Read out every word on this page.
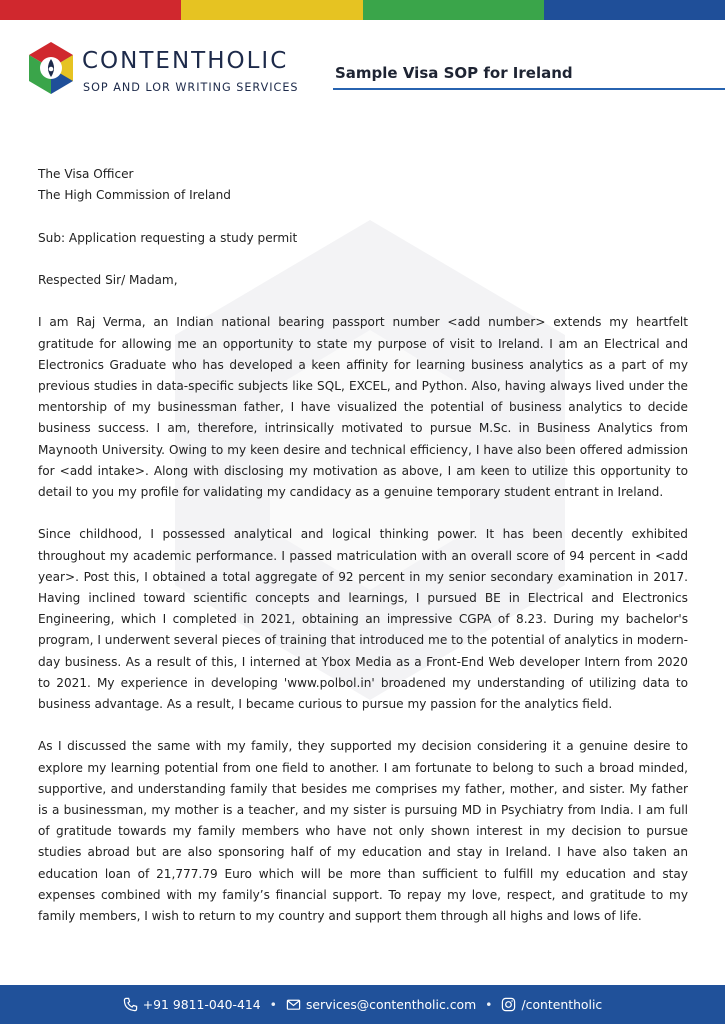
CONTENTHOLIC
SOP AND LOR WRITING SERVICES
Sample Visa SOP for Ireland

The Visa Officer

The High Commission of Ireland

Sub: Application requesting a study permit

Respected Sir/ Madam,

I am Raj Verma, an Indian national bearing passport number <add number> extends my heartfelt gratitude for allowing me an opportunity to state my purpose of visit to Ireland. I am an Electrical and Electronics Graduate who has developed a keen affinity for learning business analytics as a part of my previous studies in data-specific subjects like SQL, EXCEL, and Python. Also, having always lived under the mentorship of my businessman father, I have visualized the potential of business analytics to decide business success. I am, therefore, intrinsically motivated to pursue M.Sc. in Business Analytics from Maynooth University. Owing to my keen desire and technical efficiency, I have also been offered admission for <add intake>. Along with disclosing my motivation as above, I am keen to utilize this opportunity to detail to you my profile for validating my candidacy as a genuine temporary student entrant in Ireland.

Since childhood, I possessed analytical and logical thinking power. It has been decently exhibited throughout my academic performance. I passed matriculation with an overall score of 94 percent in <add year>. Post this, I obtained a total aggregate of 92 percent in my senior secondary examination in 2017. Having inclined toward scientific concepts and learnings, I pursued BE in Electrical and Electronics Engineering, which I completed in 2021, obtaining an impressive CGPA of 8.23. During my bachelor's program, I underwent several pieces of training that introduced me to the potential of analytics in modern-day business. As a result of this, I interned at Ybox Media as a Front-End Web developer Intern from 2020 to 2021. My experience in developing 'www.polbol.in' broadened my understanding of utilizing data to business advantage. As a result, I became curious to pursue my passion for the analytics field.

As I discussed the same with my family, they supported my decision considering it a genuine desire to explore my learning potential from one field to another. I am fortunate to belong to such a broad minded, supportive, and understanding family that besides me comprises my father, mother, and sister. My father is a businessman, my mother is a teacher, and my sister is pursuing MD in Psychiatry from India. I am full of gratitude towards my family members who have not only shown interest in my decision to pursue studies abroad but are also sponsoring half of my education and stay in Ireland. I have also taken an education loan of 21,777.79 Euro which will be more than sufficient to fulfill my education and stay expenses combined with my family’s financial support. To repay my love, respect, and gratitude to my family members, I wish to return to my country and support them through all highs and lows of life.

+91 9811-040-414 • services@contentholic.com • /contentholic
